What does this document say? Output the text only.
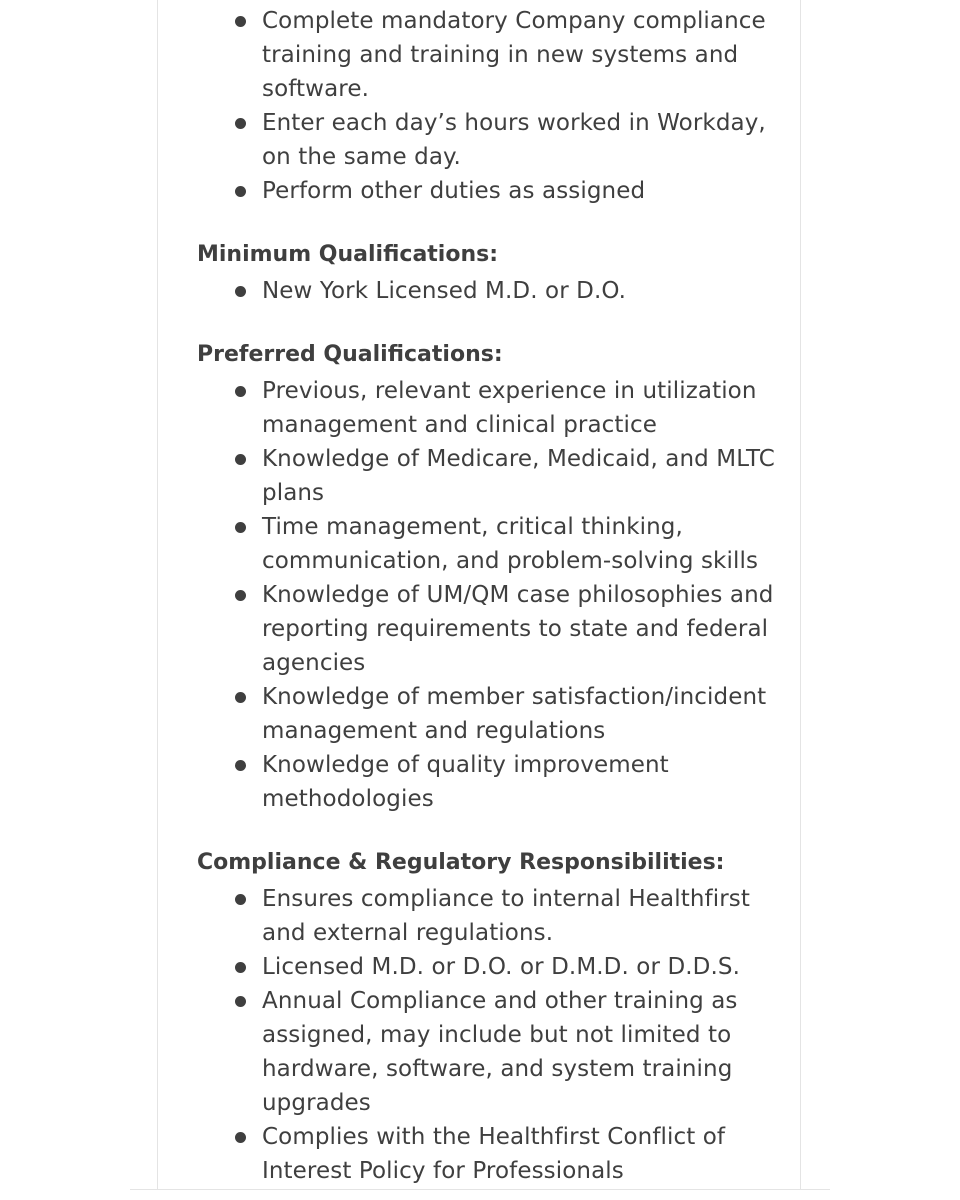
Complete mandatory Company compliance training and training in new systems and software.
Enter each day’s hours worked in Workday, on the same day.
Perform other duties as assigned
Minimum Qualifications:
New York Licensed M.D. or D.O.
Preferred Qualifications:
Previous, relevant experience in utilization management and clinical practice
Knowledge of Medicare, Medicaid, and MLTC plans
Time management, critical thinking, communication, and problem-solving skills
Knowledge of UM/QM case philosophies and reporting requirements to state and federal agencies
Knowledge of member satisfaction/incident management and regulations
Knowledge of quality improvement methodologies
Compliance & Regulatory Responsibilities:
Ensures compliance to internal Healthfirst and external regulations.
Licensed M.D. or D.O. or D.M.D. or D.D.S.
Annual Compliance and other training as assigned, may include but not limited to hardware, software, and system training upgrades
Complies with the Healthfirst Conflict of Interest Policy for Professionals
